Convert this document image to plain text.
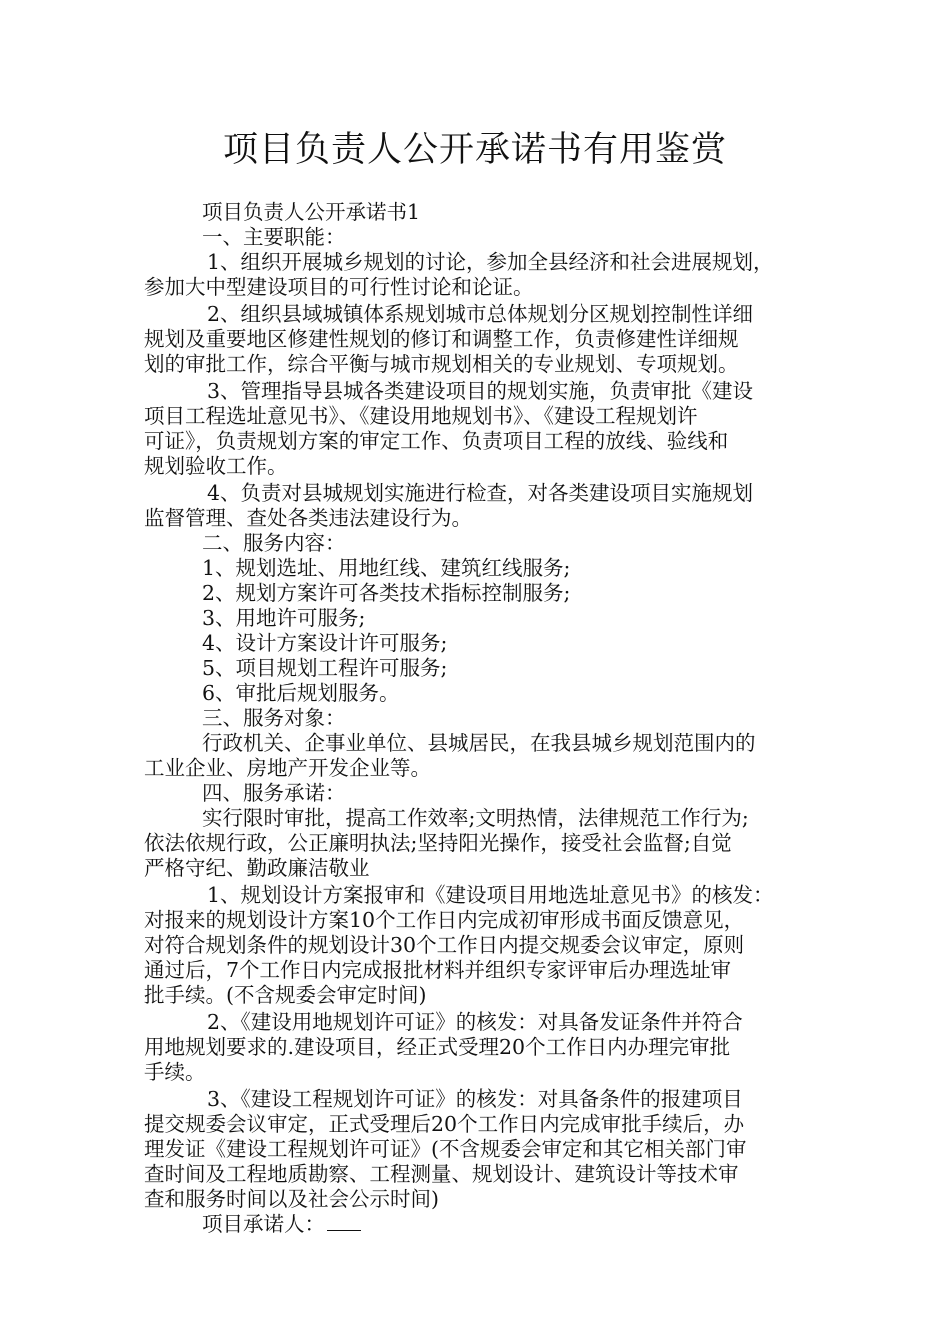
项目负责人公开承诺书有用鉴赏

项目负责人公开承诺书1

一、主要职能：

1、组织开展城乡规划的讨论，参加全县经济和社会进展规划，

参加大中型建设项目的可行性讨论和论证。

2、组织县域城镇体系规划城市总体规划分区规划控制性详细

规划及重要地区修建性规划的修订和调整工作，负责修建性详细规

划的审批工作，综合平衡与城市规划相关的专业规划、专项规划。

3、管理指导县城各类建设项目的规划实施，负责审批《建设

项目工程选址意见书》、《建设用地规划书》、《建设工程规划许

可证》，负责规划方案的审定工作、负责项目工程的放线、验线和

规划验收工作。

4、负责对县城规划实施进行检查，对各类建设项目实施规划

监督管理、查处各类违法建设行为。

二、服务内容：

1、规划选址、用地红线、建筑红线服务;

2、规划方案许可各类技术指标控制服务;

3、用地许可服务;

4、设计方案设计许可服务;

5、项目规划工程许可服务;

6、审批后规划服务。

三、服务对象：

行政机关、企事业单位、县城居民，在我县城乡规划范围内的

工业企业、房地产开发企业等。

四、服务承诺：

实行限时审批，提高工作效率;文明热情，法律规范工作行为;

依法依规行政，公正廉明执法;坚持阳光操作，接受社会监督;自觉

严格守纪、勤政廉洁敬业

1、规划设计方案报审和《建设项目用地选址意见书》的核发：

对报来的规划设计方案10个工作日内完成初审形成书面反馈意见，

对符合规划条件的规划设计30个工作日内提交规委会议审定，原则

通过后，7个工作日内完成报批材料并组织专家评审后办理选址审

批手续。(不含规委会审定时间)

2、《建设用地规划许可证》的核发：对具备发证条件并符合

用地规划要求的.建设项目，经正式受理20个工作日内办理完审批

手续。

3、《建设工程规划许可证》的核发：对具备条件的报建项目

提交规委会议审定，正式受理后20个工作日内完成审批手续后，办

理发证《建设工程规划许可证》(不含规委会审定和其它相关部门审

查时间及工程地质勘察、工程测量、规划设计、建筑设计等技术审

查和服务时间以及社会公示时间)

项目承诺人：
